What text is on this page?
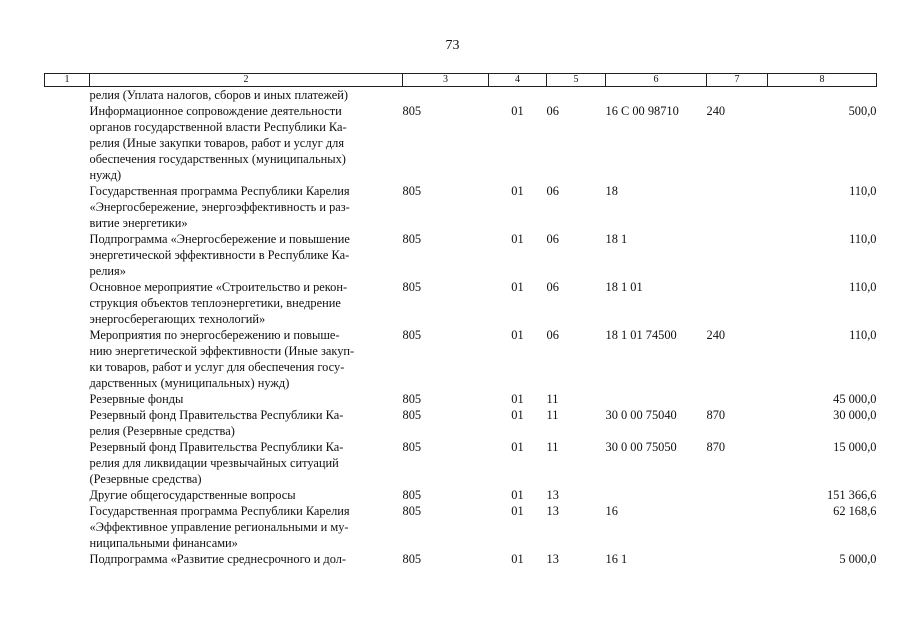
73
1	2	3	4	5	6	7	8

	релия (Уплата налогов, сборов и иных платежей)						

	Информационное сопровождение деятельности
органов государственной власти Республики Ка-
релия (Иные закупки товаров, работ и услуг для
обеспечения государственных (муниципальных)
нужд)	805	01	06	16 С 00 98710	240	500,0

	Государственная программа Республики Карелия
«Энергосбережение, энергоэффективность и раз-
витие энергетики»	805	01	06	18		110,0

	Подпрограмма «Энергосбережение и повышение
энергетической эффективности в Республике Ка-
релия»	805	01	06	18 1		110,0

	Основное мероприятие «Строительство и рекон-
струкция объектов теплоэнергетики, внедрение
энергосберегающих технологий»	805	01	06	18 1 01		110,0

	Мероприятия по энергосбережению и повыше-
нию энергетической эффективности (Иные закуп-
ки товаров, работ и услуг для обеспечения госу-
дарственных (муниципальных) нужд)	805	01	06	18 1 01 74500	240	110,0

	Резервные фонды	805	01	11			45 000,0

	Резервный фонд Правительства Республики Ка-
релия (Резервные средства)	805	01	11	30 0 00 75040	870	30 000,0

	Резервный фонд Правительства Республики Ка-
релия для ликвидации чрезвычайных ситуаций
(Резервные средства)	805	01	11	30 0 00 75050	870	15 000,0

	Другие общегосударственные вопросы	805	01	13			151 366,6

	Государственная программа Республики Карелия
«Эффективное управление региональными и му-
ниципальными финансами»	805	01	13	16		62 168,6

	Подпрограмма «Развитие среднесрочного и дол-	805	01	13	16 1		5 000,0
